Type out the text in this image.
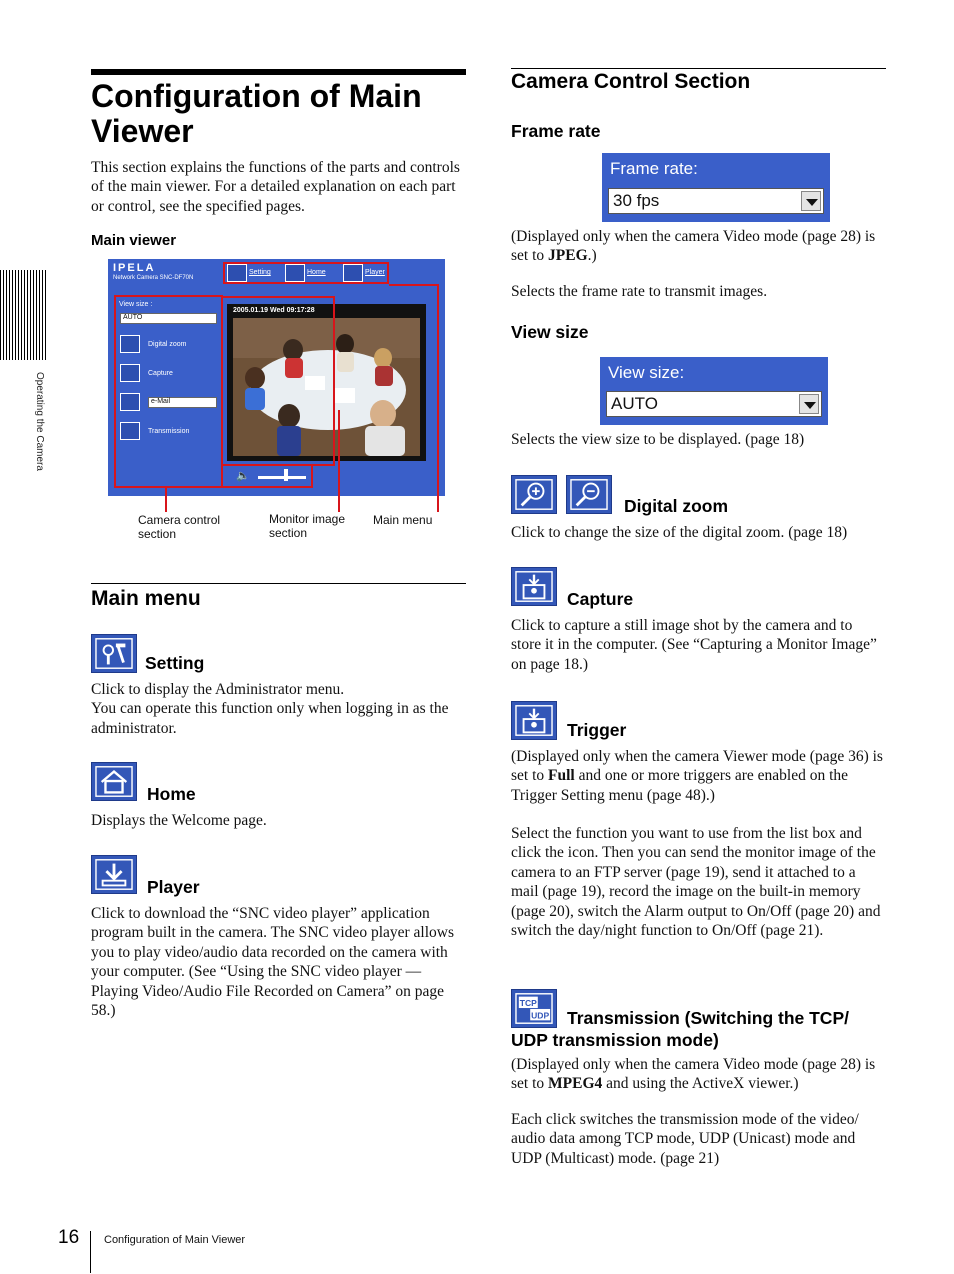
Operating the Camera
Configuration of Main Viewer
This section explains the functions of the parts and controls of the main viewer. For a detailed explanation on each part or control, see the specified pages.
Main viewer
IPELA
Network Camera SNC-DF70N
Setting	Home	Player
View size :
AUTO
Digital zoom
Capture
e-Mail
Transmission
2005.01.19 Wed 09:17:28
🔈
Camera control
section
Monitor image
section
Main menu
Main menu
Setting
Click to display the Administrator menu.
You can operate this function only when logging in as the administrator.
Home
Displays the Welcome page.
Player
Click to download the “SNC video player” application program built in the camera. The SNC video player allows you to play video/audio data recorded on the camera with your computer. (See “Using the SNC video player — Playing Video/Audio File Recorded on Camera” on page 58.)
Camera Control Section
Frame rate
Frame rate:
30 fps
(Displayed only when the camera Video mode (page 28) is set to JPEG.)
Selects the frame rate to transmit images.
View size
View size:
AUTO
Selects the view size to be displayed. (page 18)
Digital zoom
Click to change the size of the digital zoom. (page 18)
Capture
Click to capture a still image shot by the camera and to store it in the computer. (See “Capturing a Monitor Image” on page 18.)
Trigger
(Displayed only when the camera Viewer mode (page 36) is set to Full and one or more triggers are enabled on the Trigger Setting menu (page 48).)
Select the function you want to use from the list box and click the icon. Then you can send the monitor image of the camera to an FTP server (page 19), send it attached to a mail (page 19), record the image on the built-in memory (page 20), switch the Alarm output to On/Off (page 20) and switch the day/night function to On/Off (page 21).
TCP
UDP	Transmission (Switching the TCP/
UDP transmission mode)
(Displayed only when the camera Video mode (page 28) is set to MPEG4 and using the ActiveX viewer.)
Each click switches the transmission mode of the video/ audio data among TCP mode, UDP (Unicast) mode and UDP (Multicast) mode. (page 21)
16 Configuration of Main Viewer
